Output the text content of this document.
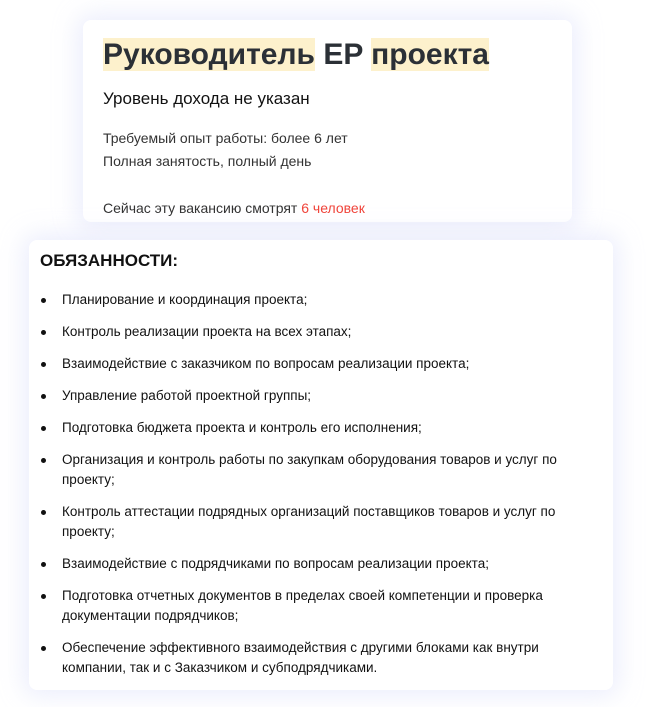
Руководитель EP проекта
Уровень дохода не указан
Требуемый опыт работы: более 6 лет
Полная занятость, полный день
Сейчас эту вакансию смотрят 6 человек
ОБЯЗАННОСТИ:
Планирование и координация проекта;
Контроль реализации проекта на всех этапах;
Взаимодействие с заказчиком по вопросам реализации проекта;
Управление работой проектной группы;
Подготовка бюджета проекта и контроль его исполнения;
Организация и контроль работы по закупкам оборудования товаров и услуг по проекту;
Контроль аттестации подрядных организаций поставщиков товаров и услуг по проекту;
Взаимодействие с подрядчиками по вопросам реализации проекта;
Подготовка отчетных документов в пределах своей компетенции и проверка документации подрядчиков;
Обеспечение эффективного взаимодействия с другими блоками как внутри компании, так и с Заказчиком и субподрядчиками.
